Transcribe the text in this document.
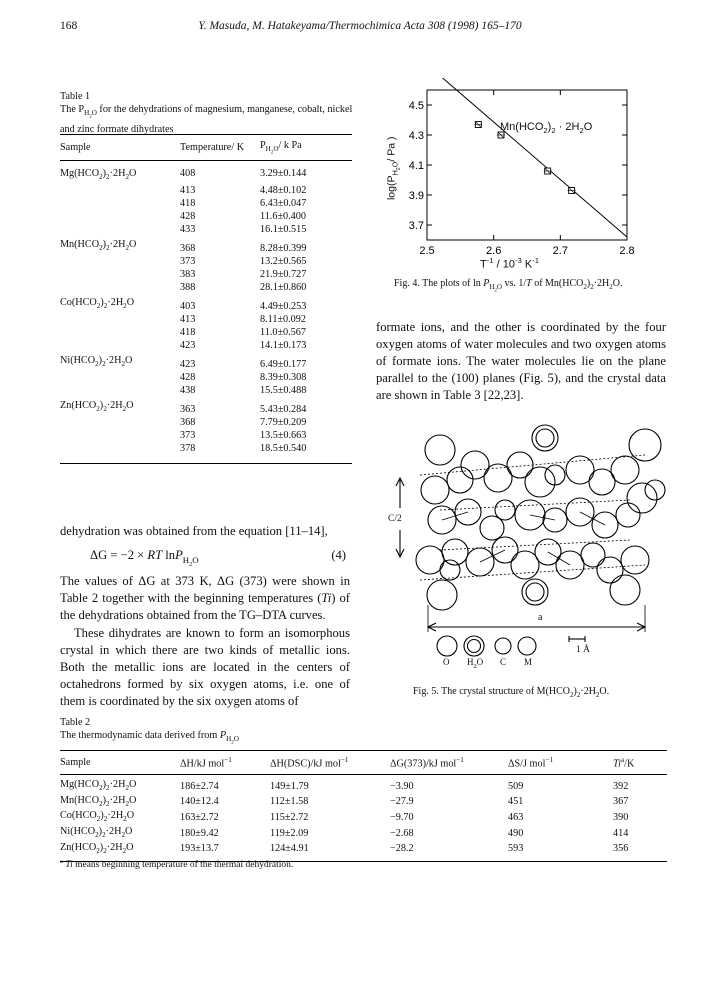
168	Y. Masuda, M. Hatakeyama/Thermochimica Acta 308 (1998) 165–170
Table 1
The $P_{H_2O}$ for the dehydrations of magnesium, manganese, cobalt, nickel and zinc formate dihydrates
Sample	Temperature/ K	$P_{H_2O}/$ k Pa
$Mg(HCO_2)_2\cdot 2H_2O$	408	3.29±0.144
	413	4.48±0.102
	418	6.43±0.047
	428	11.6±0.400
	433	16.1±0.515
$Mn(HCO_2)_2\cdot 2H_2O$	368	8.28±0.399
	373	13.2±0.565
	383	21.9±0.727
	388	28.1±0.860
$Co(HCO_2)_2\cdot 2H_2O$	403	4.49±0.253
	413	8.11±0.092
	418	11.0±0.567
	423	14.1±0.173
$Ni(HCO_2)_2\cdot 2H_2O$	423	6.49±0.177
	428	8.39±0.308
	438	15.5±0.488
$Zn(HCO_2)_2\cdot 2H_2O$	363	5.43±0.284
	368	7.79±0.209
	373	13.5±0.663
	378	18.5±0.540
dehydration was obtained from the equation [11–14],
ΔG = −2 × RT lnP$_{H_2O}$	(4)
The values of ΔG at 373 K, ΔG (373) were shown in Table 2 together with the beginning temperatures (Ti) of the dehydrations obtained from the TG–DTA curves.
These dihydrates are known to form an isomorphous crystal in which there are two kinds of metallic ions. Both the metallic ions are located in the centers of octahedrons formed by six oxygen atoms, i.e. one of them is coordinated by the six oxygen atoms of
formate ions, and the other is coordinated by the four oxygen atoms of water molecules and two oxygen atoms of formate ions. The water molecules lie on the plane parallel to the (100) planes (Fig. 5), and the crystal data are shown in Table 3 [22,23].
2.5	2.6	2.7	2.8
3.7
3.9
4.1
4.3
4.5
$\log(P_{H_2O}/$ Pa )
$Mn(HCO_2)_2 \cdot 2H_2O$
$T^{-1} / 10^{-3}$ $K^{-1}$
Fig. 4. The plots of $\ln P_{H_2O}$ vs. 1/T of $Mn(HCO_2)_2\cdot 2H_2O$.
C/2
a
O $H_2O$ C M
1 Å
Fig. 5. The crystal structure of $M(HCO_2)_2\cdot 2H_2O$.
Table 2
The thermodynamic data derived from $P_{H_2O}$
Sample	ΔH/kJ mol$^{-1}$	ΔH(DSC)/kJ mol$^{-1}$	ΔG(373)/kJ mol$^{-1}$	ΔS/J mol$^{-1}$	Ti$^a$/K
$Mg(HCO_2)_2\cdot 2H_2O$	186±2.74	149±1.79	−3.90	509	392
$Mn(HCO_2)_2\cdot 2H_2O$	140±12.4	112±1.58	−27.9	451	367
$Co(HCO_2)_2\cdot 2H_2O$	163±2.72	115±2.72	−9.70	463	390
$Ni(HCO_2)_2\cdot 2H_2O$	180±9.42	119±2.09	−2.68	490	414
$Zn(HCO_2)_2\cdot 2H_2O$	193±13.7	124±4.91	−28.2	593	356
$^a$ Ti means beginning temperature of the thermal dehydration.
